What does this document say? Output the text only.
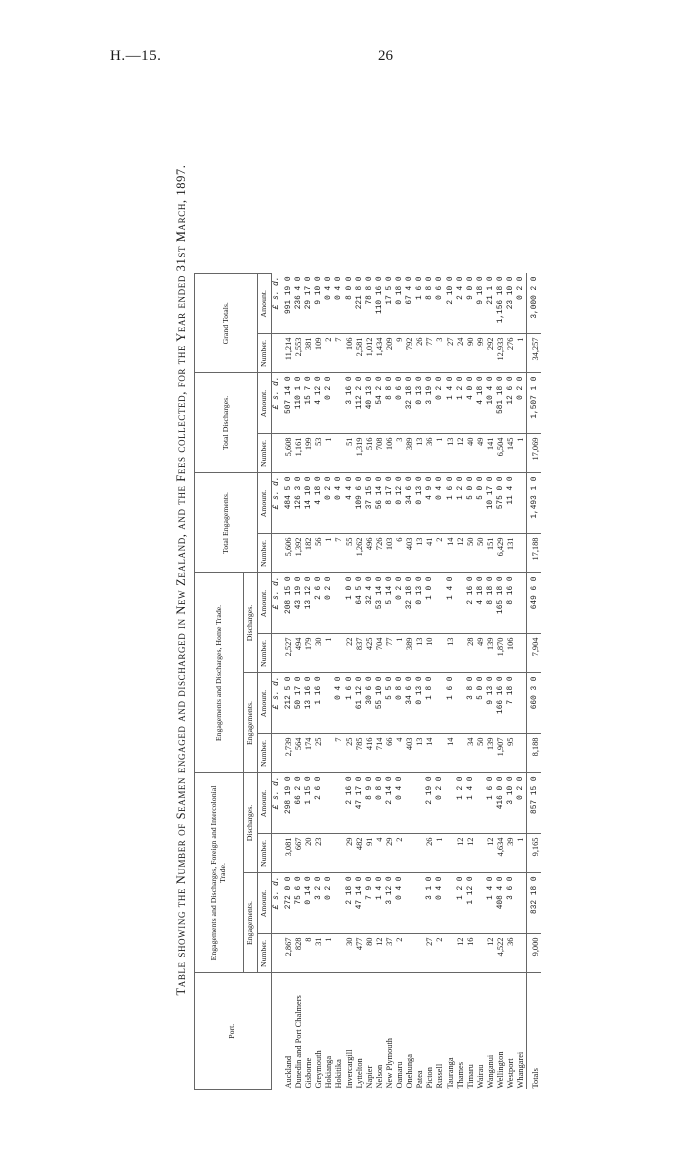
H.—15.	26
Table showing the Number of Seamen engaged and discharged in New Zealand, and the Fees collected, for the Year ended 31st March, 1897.
Port.	Engagements and Discharges, Foreign and Intercolonial Trade.				Engagements and Discharges, Home Trade.				Total Engagements.		Total Discharges.		Grand Totals.	
	Engagements.		Discharges.		Engagements.		Discharges.							
	Number.	Amount.	Number.	Amount.	Number.	Amount.	Number.	Amount.	Number.	Amount.	Number.	Amount.	Number.	Amount.
		£ s. d.		£ s. d.		£ s. d.		£ s. d.		£ s. d.		£ s. d.		£ s. d.
Auckland	2,867	272 0 0	3,081	298 19 0	2,739	212 5 0	2,527	208 15 0	5,606	484 5 0	5,608	507 14 0	11,214	991 19 0
Dunedin and Port Chalmers	828	75 6 0	667	66 2 0	564	50 17 0	494	43 19 0	1,392	126 3 0	1,161	110 1 0	2,553	236 4 0
Gisborne	8	0 14 0	20	1 15 0	174	13 16 0	179	13 12 0	182	14 10 0	199	15 7 0	381	29 17 0
Greymouth	31	3 2 0	23	2 6 0	25	1 16 0	30	2 6 0	56	4 18 0	53	4 12 0	109	9 10 0
Hokianga	1	0 2 0					1	0 2 0	1	0 2 0	1	0 2 0	2	0 4 0
Hokitika					7	0 4 0			7	0 4 0			7	0 4 0
Invercargill	30	2 18 0	29	2 16 0	25	1 6 0	22	1 0 0	55	4 4 0	51	3 16 0	106	8 0 0
Lyttelton	477	47 14 0	482	47 17 0	785	61 12 0	837	64 5 0	1,262	109 6 0	1,319	112 2 0	2,581	221 8 0
Napier	80	7 9 0	91	8 9 0	416	30 6 0	425	32 4 0	496	37 15 0	516	40 13 0	1,012	78 8 0
Nelson	12	1 4 0	4	0 8 0	714	55 10 0	704	53 14 0	726	56 14 0	708	54 2 0	1,434	110 16 0
New Plymouth	37	3 12 0	29	2 14 0	66	5 5 0	77	5 14 0	103	8 17 0	106	8 8 0	209	17 5 0
Oamaru	2	0 4 0	2	0 4 0	4	0 8 0	1	0 2 0	6	0 12 0	3	0 6 0	9	0 18 0
Onehunga					403	34 6 0	389	32 18 0	403	34 6 0	389	32 18 0	792	67 4 0
Patea					13	0 13 0	13	0 13 0	13	0 13 0	13	0 13 0	26	1 6 0
Picton	27	3 1 0	26	2 19 0	14	1 8 0	10	1 0 0	41	4 9 0	36	3 19 0	77	8 8 0
Russell	2	0 4 0	1	0 2 0					2	0 4 0	1	0 2 0	3	0 6 0
Tauranga					14	1 6 0	13	1 4 0	14	1 6 0	13	1 4 0	27	2 10 0
Thames	12	1 2 0	12	1 2 0					12	1 2 0	12	1 2 0	24	2 4 0
Timaru	16	1 12 0	12	1 4 0	34	3 8 0	28	2 16 0	50	5 0 0	40	4 0 0	90	9 0 0
Wairau					50	5 0 0	49	4 18 0	50	5 0 0	49	4 18 0	99	9 18 0
Wanganui	12	1 4 0	12	1 6 0	139	9 13 0	139	8 18 0	151	10 17 0	141	10 4 0	292	21 1 0
Wellington	4,522	408 4 0	4,634	416 0 0	1,907	166 16 0	1,870	165 18 0	6,429	575 0 0	6,504	581 18 0	12,933	1,156 18 0
Westport	36	3 6 0	39	3 10 0	95	7 18 0	106	8 16 0	131	11 4 0	145	12 6 0	276	23 10 0
Whangarei			1	0 2 0							1	0 2 0	1	0 2 0
Totals	9,000	832 18 0	9,165	857 15 0	8,188	660 3 0	7,904	649 6 0	17,188	1,493 1 0	17,069	1,507 1 0	34,257	3,000 2 0
